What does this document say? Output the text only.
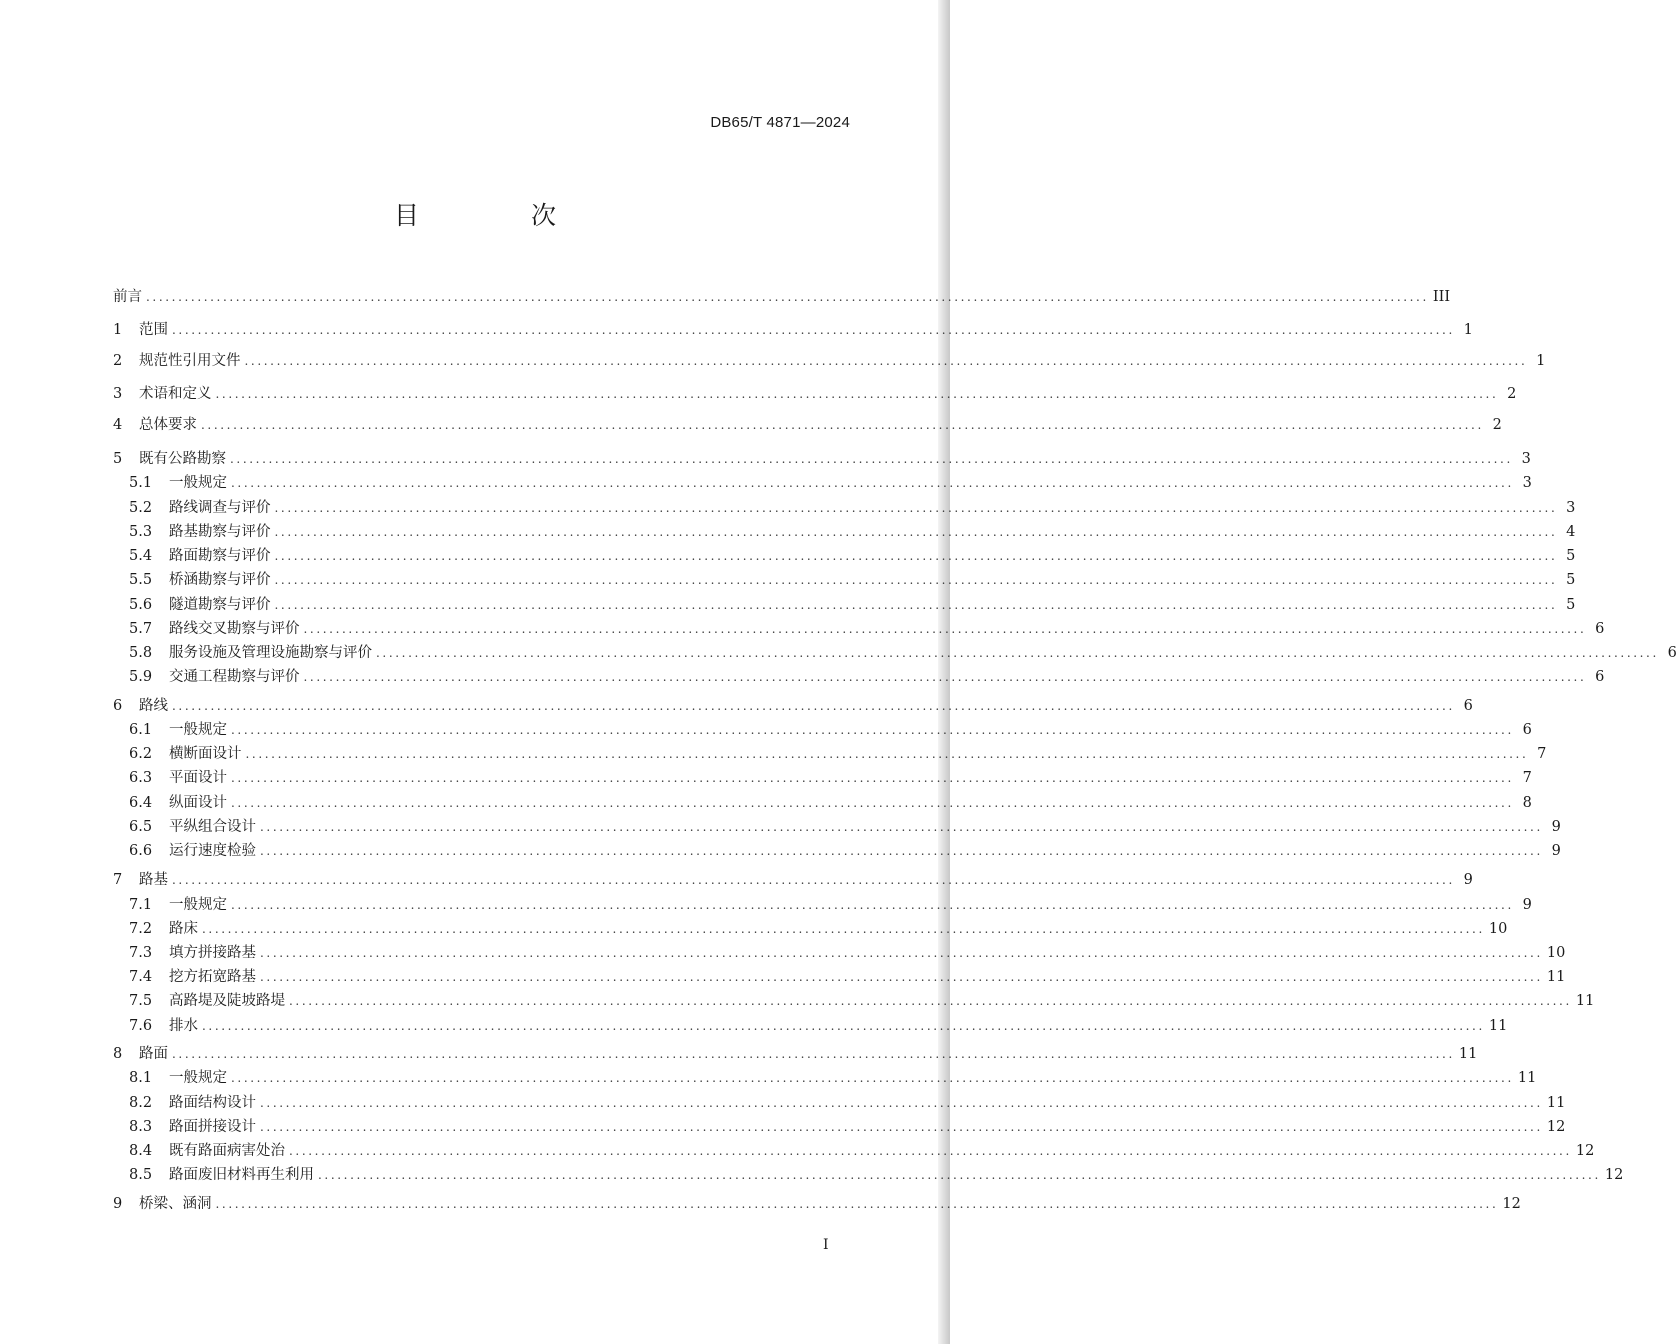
DB65/T 4871—2024
目 次
前言 ........................................................................................................................................................................................................ III
1	范围 ........................................................................................................................................................................................................ 1
2	规范性引用文件 ........................................................................................................................................................................................................ 1
3	术语和定义 ........................................................................................................................................................................................................ 2
4	总体要求 ........................................................................................................................................................................................................ 2
5	既有公路勘察 ........................................................................................................................................................................................................ 3
5.1	一般规定 ........................................................................................................................................................................................................ 3
5.2	路线调查与评价 ........................................................................................................................................................................................................ 3
5.3	路基勘察与评价 ........................................................................................................................................................................................................ 4
5.4	路面勘察与评价 ........................................................................................................................................................................................................ 5
5.5	桥涵勘察与评价 ........................................................................................................................................................................................................ 5
5.6	隧道勘察与评价 ........................................................................................................................................................................................................ 5
5.7	路线交叉勘察与评价 ........................................................................................................................................................................................................ 6
5.8	服务设施及管理设施勘察与评价 ........................................................................................................................................................................................................ 6
5.9	交通工程勘察与评价 ........................................................................................................................................................................................................ 6
6	路线 ........................................................................................................................................................................................................ 6
6.1	一般规定 ........................................................................................................................................................................................................ 6
6.2	横断面设计 ........................................................................................................................................................................................................ 7
6.3	平面设计 ........................................................................................................................................................................................................ 7
6.4	纵面设计 ........................................................................................................................................................................................................ 8
6.5	平纵组合设计 ........................................................................................................................................................................................................ 9
6.6	运行速度检验 ........................................................................................................................................................................................................ 9
7	路基 ........................................................................................................................................................................................................ 9
7.1	一般规定 ........................................................................................................................................................................................................ 9
7.2	路床 ........................................................................................................................................................................................................ 10
7.3	填方拼接路基 ........................................................................................................................................................................................................ 10
7.4	挖方拓宽路基 ........................................................................................................................................................................................................ 11
7.5	高路堤及陡坡路堤 ........................................................................................................................................................................................................ 11
7.6	排水 ........................................................................................................................................................................................................ 11
8	路面 ........................................................................................................................................................................................................ 11
8.1	一般规定 ........................................................................................................................................................................................................ 11
8.2	路面结构设计 ........................................................................................................................................................................................................ 11
8.3	路面拼接设计 ........................................................................................................................................................................................................ 12
8.4	既有路面病害处治 ........................................................................................................................................................................................................ 12
8.5	路面废旧材料再生利用 ........................................................................................................................................................................................................ 12
9	桥梁、涵洞 ........................................................................................................................................................................................................ 12
I
